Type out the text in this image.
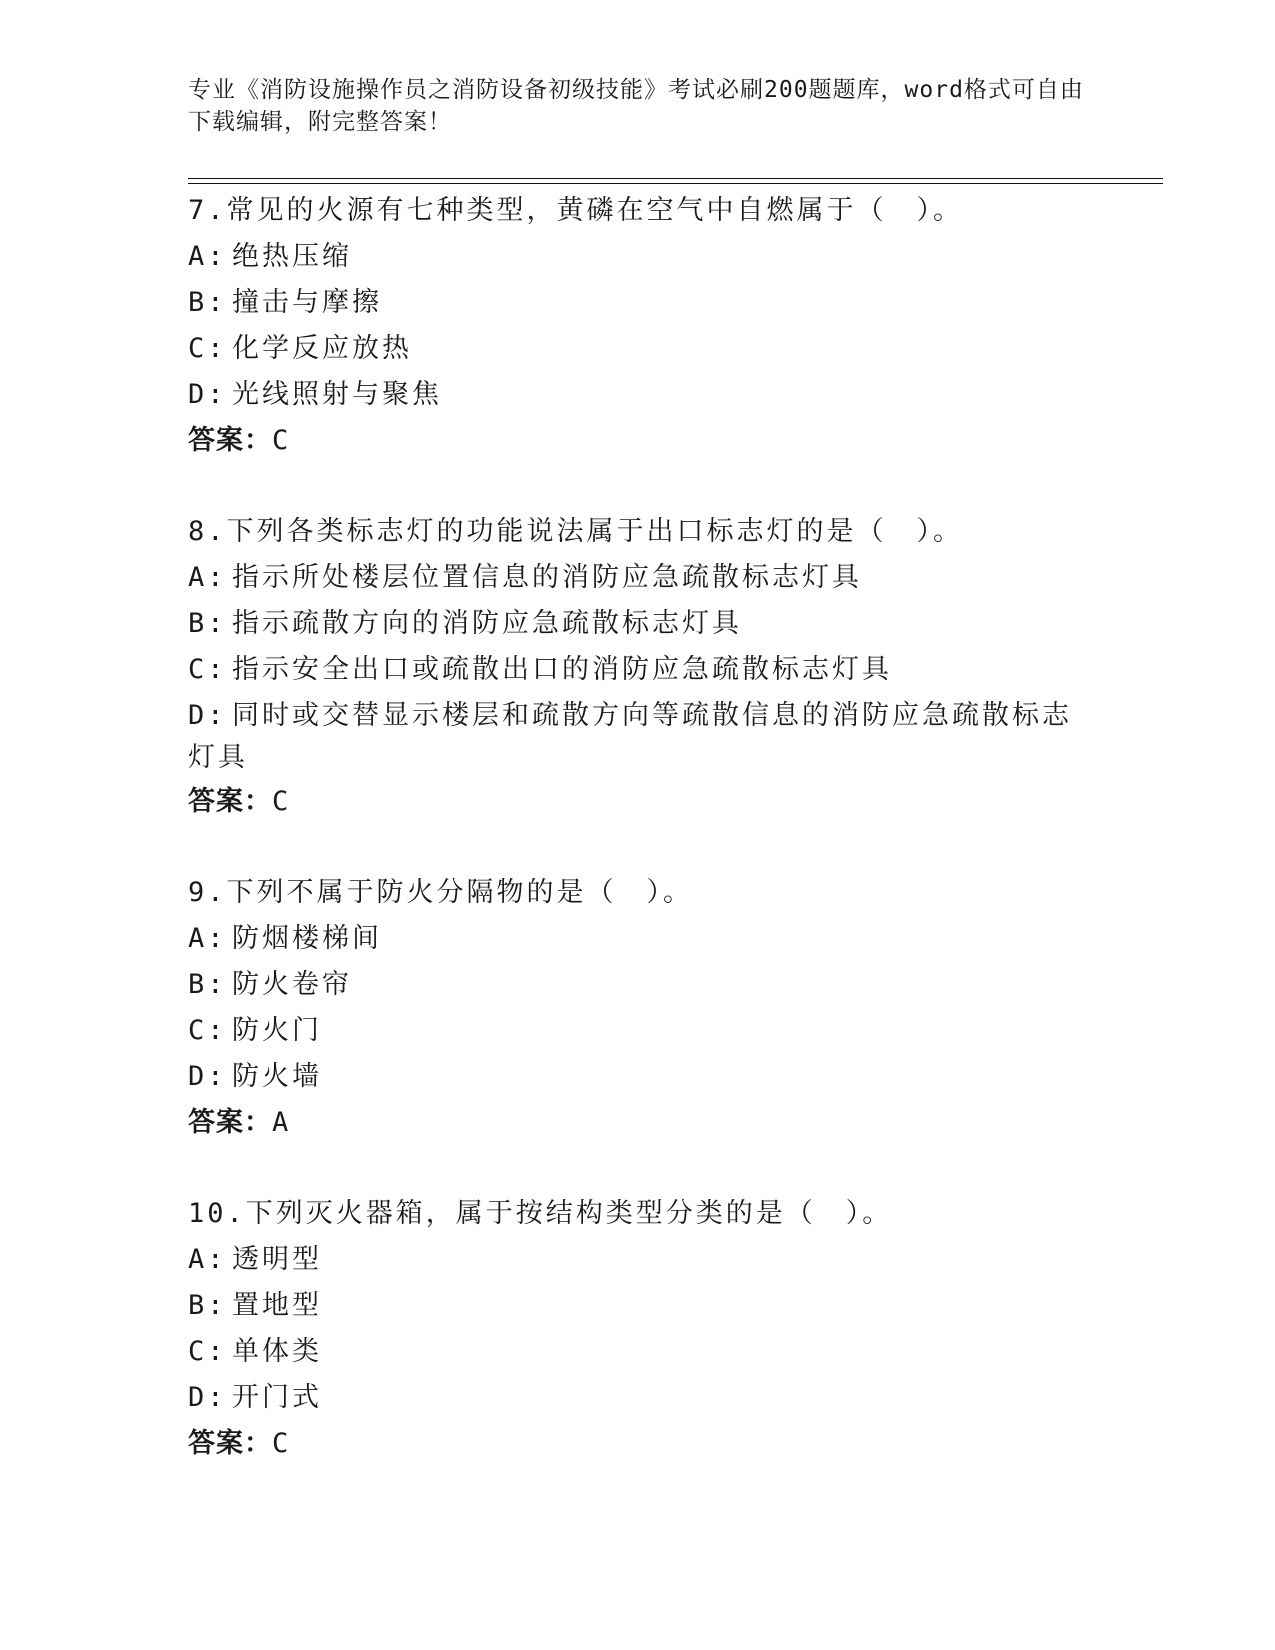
专业《消防设施操作员之消防设备初级技能》考试必刷200题题库，word格式可自由下载编辑，附完整答案！
7.常见的火源有七种类型，黄磷在空气中自燃属于（　）。
A: 绝热压缩
B: 撞击与摩擦
C: 化学反应放热
D: 光线照射与聚焦
答案：C
8.下列各类标志灯的功能说法属于出口标志灯的是（　）。
A: 指示所处楼层位置信息的消防应急疏散标志灯具
B: 指示疏散方向的消防应急疏散标志灯具
C: 指示安全出口或疏散出口的消防应急疏散标志灯具
D: 同时或交替显示楼层和疏散方向等疏散信息的消防应急疏散标志灯具
答案：C
9.下列不属于防火分隔物的是（　）。
A: 防烟楼梯间
B: 防火卷帘
C: 防火门
D: 防火墙
答案：A
10.下列灭火器箱，属于按结构类型分类的是（　）。
A: 透明型
B: 置地型
C: 单体类
D: 开门式
答案：C
